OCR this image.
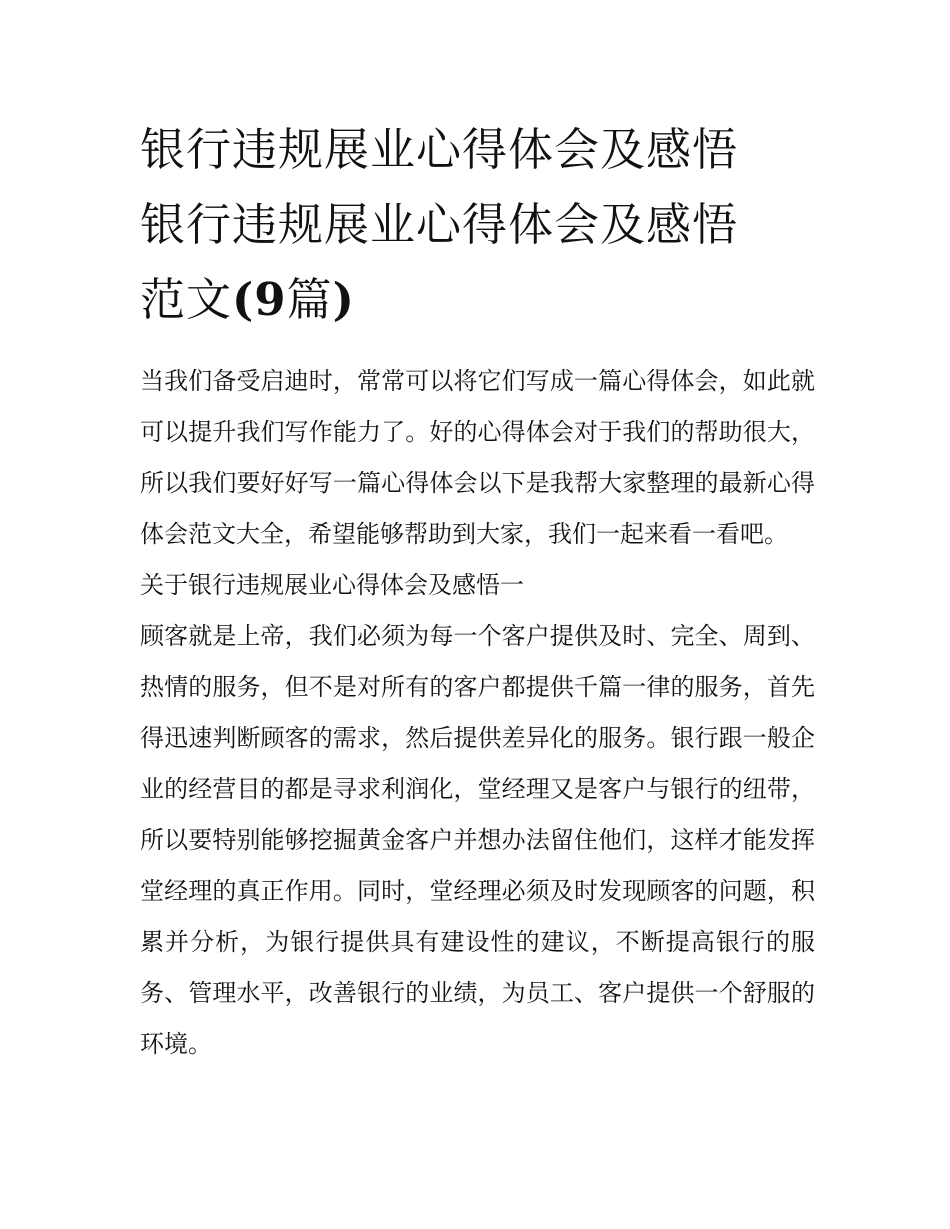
银行违规展业心得体会及感悟
银行违规展业心得体会及感悟
范文(9篇)

当我们备受启迪时，常常可以将它们写成一篇心得体会，如此就可以提升我们写作能力了。好的心得体会对于我们的帮助很大，所以我们要好好写一篇心得体会以下是我帮大家整理的最新心得体会范文大全，希望能够帮助到大家，我们一起来看一看吧。

关于银行违规展业心得体会及感悟一

顾客就是上帝，我们必须为每一个客户提供及时、完全、周到、热情的服务，但不是对所有的客户都提供千篇一律的服务，首先得迅速判断顾客的需求，然后提供差异化的服务。银行跟一般企业的经营目的都是寻求利润化，堂经理又是客户与银行的纽带，所以要特别能够挖掘黄金客户并想办法留住他们，这样才能发挥堂经理的真正作用。同时，堂经理必须及时发现顾客的问题，积累并分析，为银行提供具有建设性的建议，不断提高银行的服务、管理水平，改善银行的业绩，为员工、客户提供一个舒服的环境。
